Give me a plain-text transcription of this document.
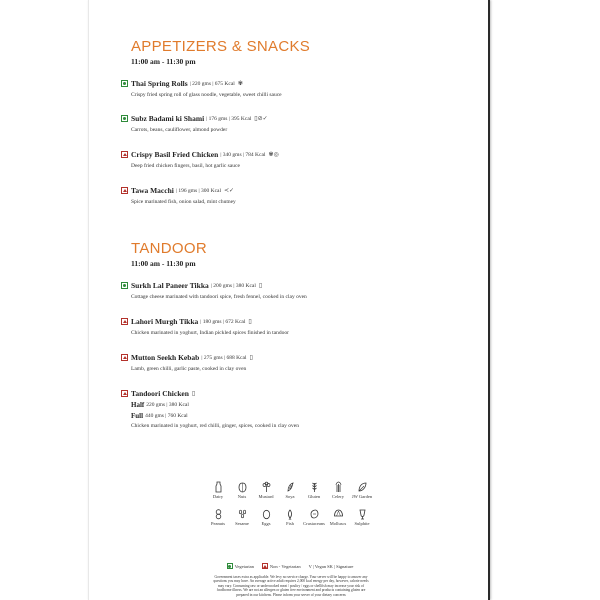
APPETIZERS & SNACKS
11:00 am - 11:30 pm
Thai Spring Rolls | 220 gms | 675 Kcal ✾
Crispy fried spring roll of glass noodle, vegetable, sweet chilli sauce
Subz Badami ki Shami | 176 gms | 395 Kcal ▯⊘✓
Carrots, beans, cauliflower, almond powder
Crispy Basil Fried Chicken | 340 gms | 784 Kcal ✾◎
Deep fried chicken fingers, basil, hot garlic sauce
Tawa Macchi | 196 gms | 300 Kcal ≺✓
Spice marinated fish, onion salad, mint chutney
TANDOOR
11:00 am - 11:30 pm
Surkh Lal Paneer Tikka | 200 gms | 380 Kcal ▯
Cottage cheese marinated with tandoori spice, fresh fennel, cooked in clay oven
Lahori Murgh Tikka | 180 gms | 672 Kcal ▯
Chicken marinated in yoghurt, Indian pickled spices finished in tandoor
Mutton Seekh Kebab | 275 gms | 688 Kcal ▯
Lamb, green chilli, garlic paste, cooked in clay oven
Tandoori Chicken ▯
Half 220 gms | 380 Kcal
Full 440 gms | 760 Kcal
Chicken marinated in yoghurt, red chilli, ginger, spices, cooked in clay oven
Dairy	Nuts	Mustard	Soya	Gluten	Celery JW Garden
Peanuts Sesame	Eggs	Fish Crustaceans Molluscs Sulphite
Vegetarian	Non - Vegetarian V | Vegan SK | Signature
Government taxes extra as applicable. We levy no service charge. Your server will be happy to answer any questions you may have. An average active adult requires 2,000 kcal energy per day, however, calorie needs may vary. Consuming raw or undercooked meat / poultry / eggs or shellfish may increase your risk of foodborne illness. We are not an allergen or gluten free environment and products containing gluten are prepared in our kitchens. Please inform your server of your dietary concerns
